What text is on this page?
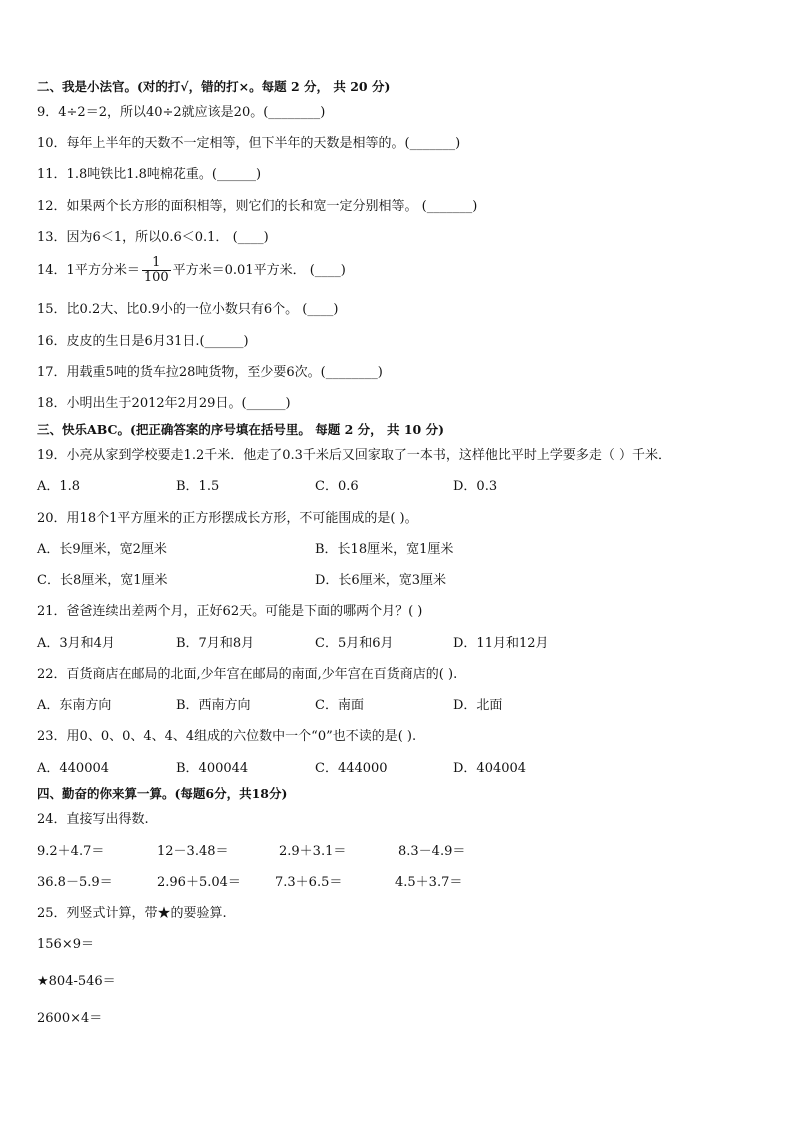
二、我是小法官。(对的打√，错的打×。每题 2 分， 共 20 分)
9．4÷2＝2，所以40÷2就应该是20。(________)
10．每年上半年的天数不一定相等，但下半年的天数是相等的。(_______)
11．1.8吨铁比1.8吨棉花重。(______)
12．如果两个长方形的面积相等，则它们的长和宽一定分别相等。 (_______)
13．因为6＜1，所以0.6＜0.1． (____)
14．1平方分米＝ $\frac{1}{100}$ 平方米＝0.01平方米． (____)
15．比0.2大、比0.9小的一位小数只有6个。 (____)
16．皮皮的生日是6月31日.(______)
17．用载重5吨的货车拉28吨货物，至少要6次。(________)
18．小明出生于2012年2月29日。(______)
三、快乐ABC。(把正确答案的序号填在括号里。 每题 2 分， 共 10 分)
19．小亮从家到学校要走1.2千米．他走了0.3千米后又回家取了一本书，这样他比平时上学要多走（ ）千米．
A．1.8	B．1.5	C．0.6	D．0.3
20．用18个1平方厘米的正方形摆成长方形，不可能围成的是( )。
A．长9厘米，宽2厘米	B．长18厘米，宽1厘米
C．长8厘米，宽1厘米	D．长6厘米，宽3厘米
21．爸爸连续出差两个月，正好62天。可能是下面的哪两个月？( )
A．3月和4月	B．7月和8月	C．5月和6月	D．11月和12月
22．百货商店在邮局的北面,少年宫在邮局的南面,少年宫在百货商店的( ).
A．东南方向	B．西南方向	C．南面	D．北面
23．用0、0、0、4、4、4组成的六位数中一个“0”也不读的是( ).
A．440004	B．400044	C．444000	D．404004
四、勤奋的你来算一算。(每题6分，共18分)
24．直接写出得数.
9.2＋4.7＝	12－3.48＝	2.9＋3.1＝	8.3－4.9＝
36.8－5.9＝	2.96＋5.04＝	7.3＋6.5＝	4.5＋3.7＝
25．列竖式计算，带★的要验算.
156×9＝
★804-546＝
2600×4＝
